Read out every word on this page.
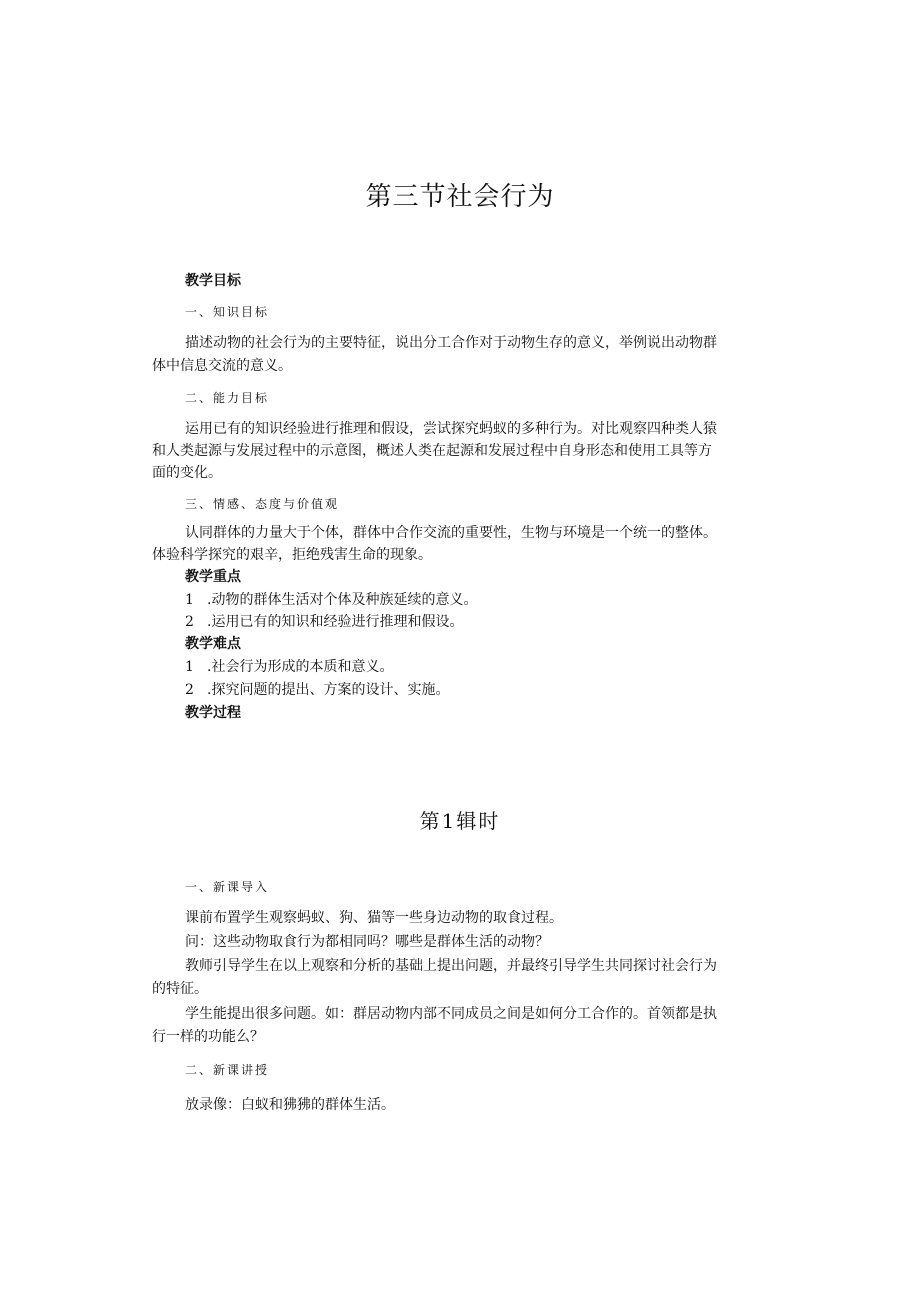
第三节社会行为
教学目标
一、知识目标
描述动物的社会行为的主要特征，说出分工合作对于动物生存的意义，举例说出动物群
体中信息交流的意义。
二、能力目标
运用已有的知识经验进行推理和假设，尝试探究蚂蚁的多种行为。对比观察四种类人猿
和人类起源与发展过程中的示意图，概述人类在起源和发展过程中自身形态和使用工具等方
面的变化。
三、情感、态度与价值观
认同群体的力量大于个体，群体中合作交流的重要性，生物与环境是一个统一的整体。
体验科学探究的艰辛，拒绝残害生命的现象。
教学重点
1 .动物的群体生活对个体及种族延续的意义。
2 .运用已有的知识和经验进行推理和假设。
教学难点
1 .社会行为形成的本质和意义。
2 .探究问题的提出、方案的设计、实施。
教学过程
第1辑时
一、新课导入
课前布置学生观察蚂蚁、狗、猫等一些身边动物的取食过程。
问：这些动物取食行为都相同吗？哪些是群体生活的动物？
教师引导学生在以上观察和分析的基础上提出问题，并最终引导学生共同探讨社会行为
的特征。
学生能提出很多问题。如：群居动物内部不同成员之间是如何分工合作的。首领都是执
行一样的功能么？
二、新课讲授
放录像：白蚁和狒狒的群体生活。
